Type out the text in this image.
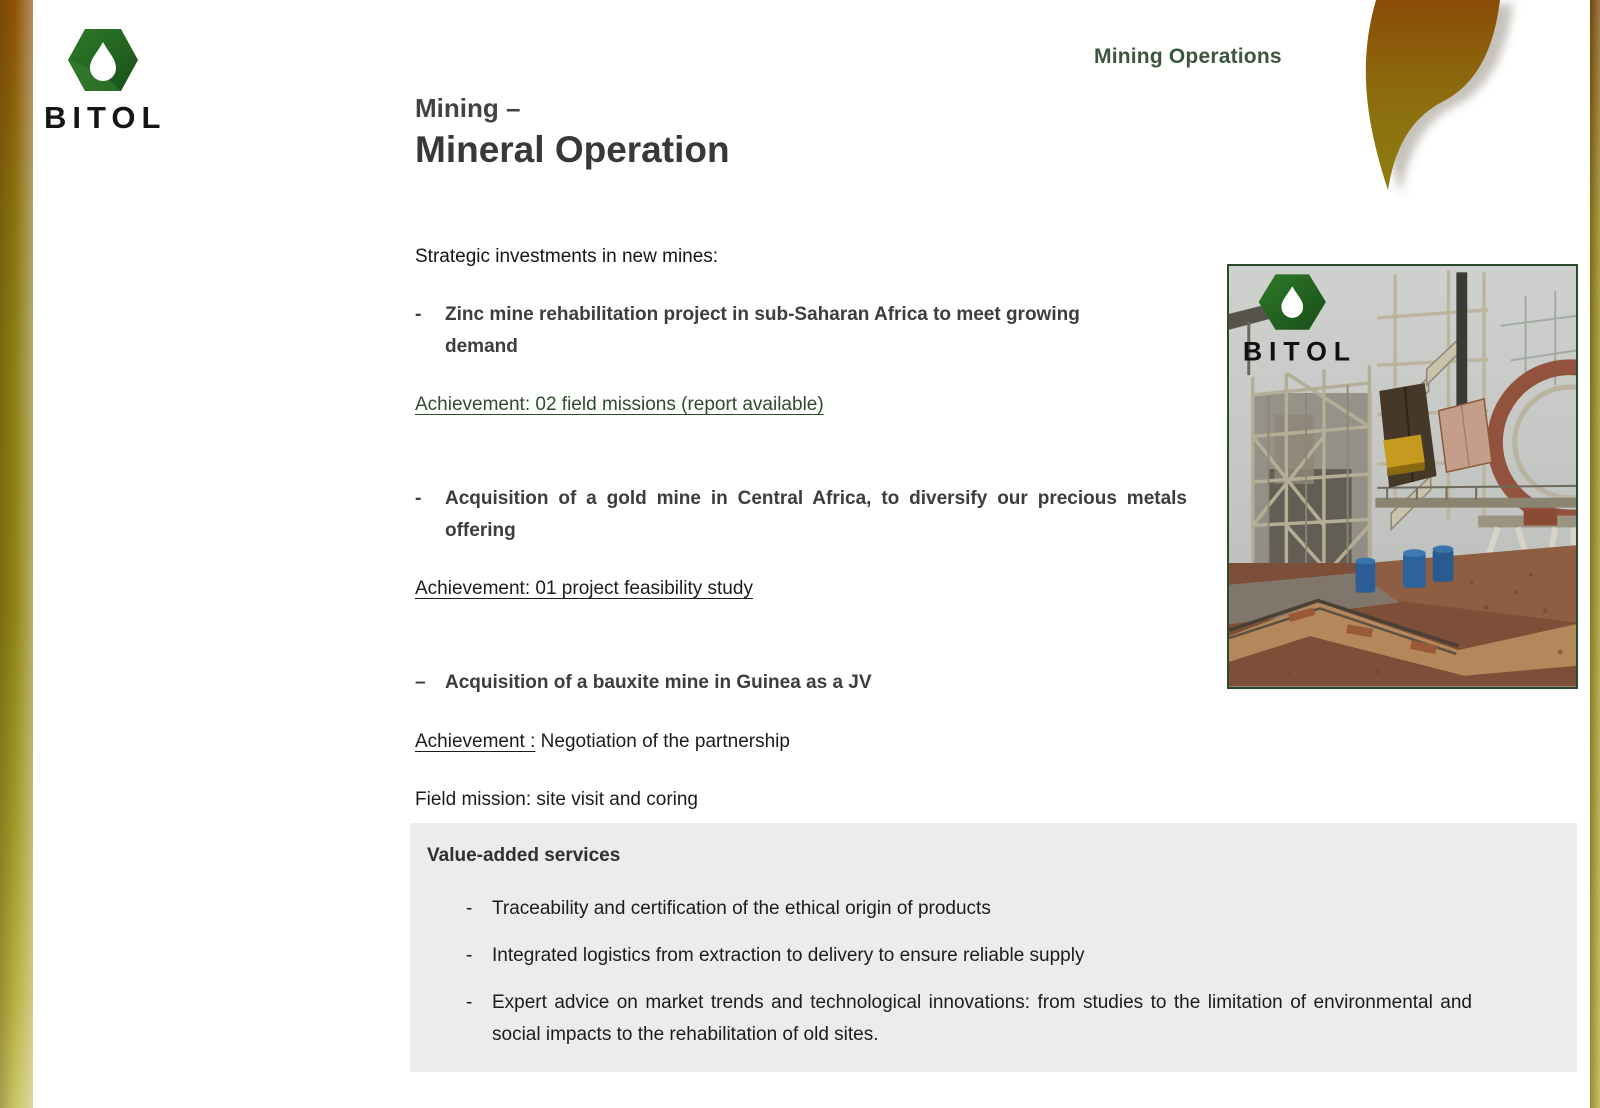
BITOL
Mining Operations
Mining –
Mineral Operation
Strategic investments in new mines:
-	Zinc mine rehabilitation project in sub-Saharan Africa to meet growing demand
Achievement: 02 field missions (report available)
-	Acquisition of a gold mine in Central Africa, to diversify our precious metals offering
Achievement: 01 project feasibility study
–	Acquisition of a bauxite mine in Guinea as a JV
Achievement : Negotiation of the partnership
Field mission: site visit and coring
BITOL
Value-added services
-	Traceability and certification of the ethical origin of products
-	Integrated logistics from extraction to delivery to ensure reliable supply
-	Expert advice on market trends and technological innovations: from studies to the limitation of environmental and social impacts to the rehabilitation of old sites.
